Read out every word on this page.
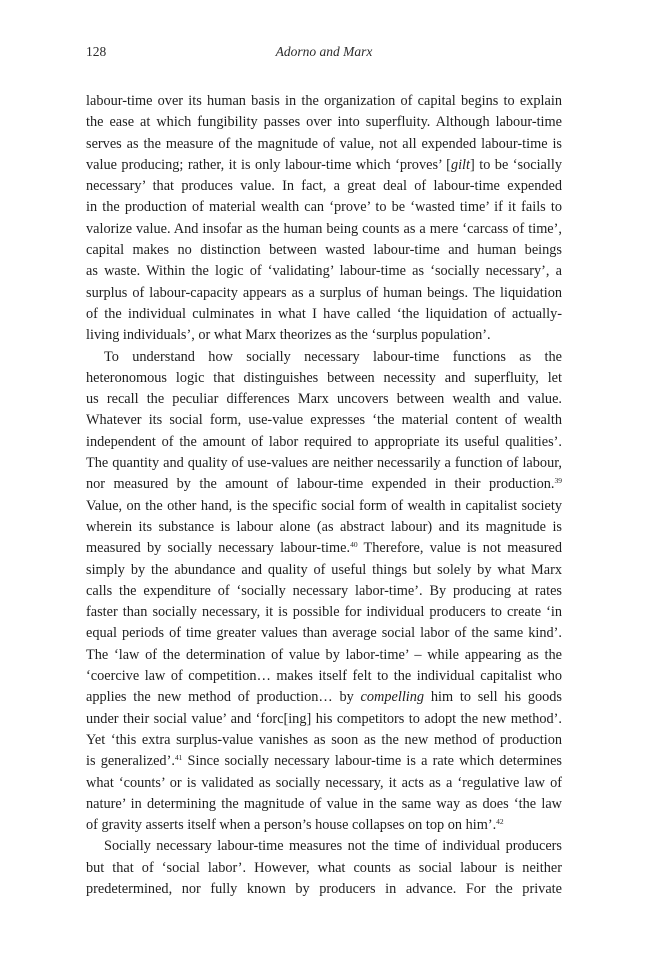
128	Adorno and Marx
labour-time over its human basis in the organization of capital begins to explain
the ease at which fungibility passes over into superfluity. Although labour-time
serves as the measure of the magnitude of value, not all expended labour-time is
value producing; rather, it is only labour-time which ‘proves’ [gilt] to be ‘socially
necessary’ that produces value. In fact, a great deal of labour-time expended
in the production of material wealth can ‘prove’ to be ‘wasted time’ if it fails to
valorize value. And insofar as the human being counts as a mere ‘carcass of time’,
capital makes no distinction between wasted labour-time and human beings
as waste. Within the logic of ‘validating’ labour-time as ‘socially necessary’, a
surplus of labour-capacity appears as a surplus of human beings. The liquidation
of the individual culminates in what I have called ‘the liquidation of actually-
living individuals’, or what Marx theorizes as the ‘surplus population’.
To understand how socially necessary labour-time functions as the
heteronomous logic that distinguishes between necessity and superfluity, let
us recall the peculiar differences Marx uncovers between wealth and value.
Whatever its social form, use-value expresses ‘the material content of wealth
independent of the amount of labor required to appropriate its useful qualities’.
The quantity and quality of use-values are neither necessarily a function of labour,
nor measured by the amount of labour-time expended in their production.$^{39}$
Value, on the other hand, is the specific social form of wealth in capitalist society
wherein its substance is labour alone (as abstract labour) and its magnitude is
measured by socially necessary labour-time.$^{40}$ Therefore, value is not measured
simply by the abundance and quality of useful things but solely by what Marx
calls the expenditure of ‘socially necessary labor-time’. By producing at rates
faster than socially necessary, it is possible for individual producers to create ‘in
equal periods of time greater values than average social labor of the same kind’.
The ‘law of the determination of value by labor-time’ – while appearing as the
‘coercive law of competition… makes itself felt to the individual capitalist who
applies the new method of production… by compelling him to sell his goods
under their social value’ and ‘forc[ing] his competitors to adopt the new method’.
Yet ‘this extra surplus-value vanishes as soon as the new method of production
is generalized’.$^{41}$ Since socially necessary labour-time is a rate which determines
what ‘counts’ or is validated as socially necessary, it acts as a ‘regulative law of
nature’ in determining the magnitude of value in the same way as does ‘the law
of gravity asserts itself when a person’s house collapses on top on him’.$^{42}$
Socially necessary labour-time measures not the time of individual producers
but that of ‘social labor’. However, what counts as social labour is neither
predetermined, nor fully known by producers in advance. For the private
